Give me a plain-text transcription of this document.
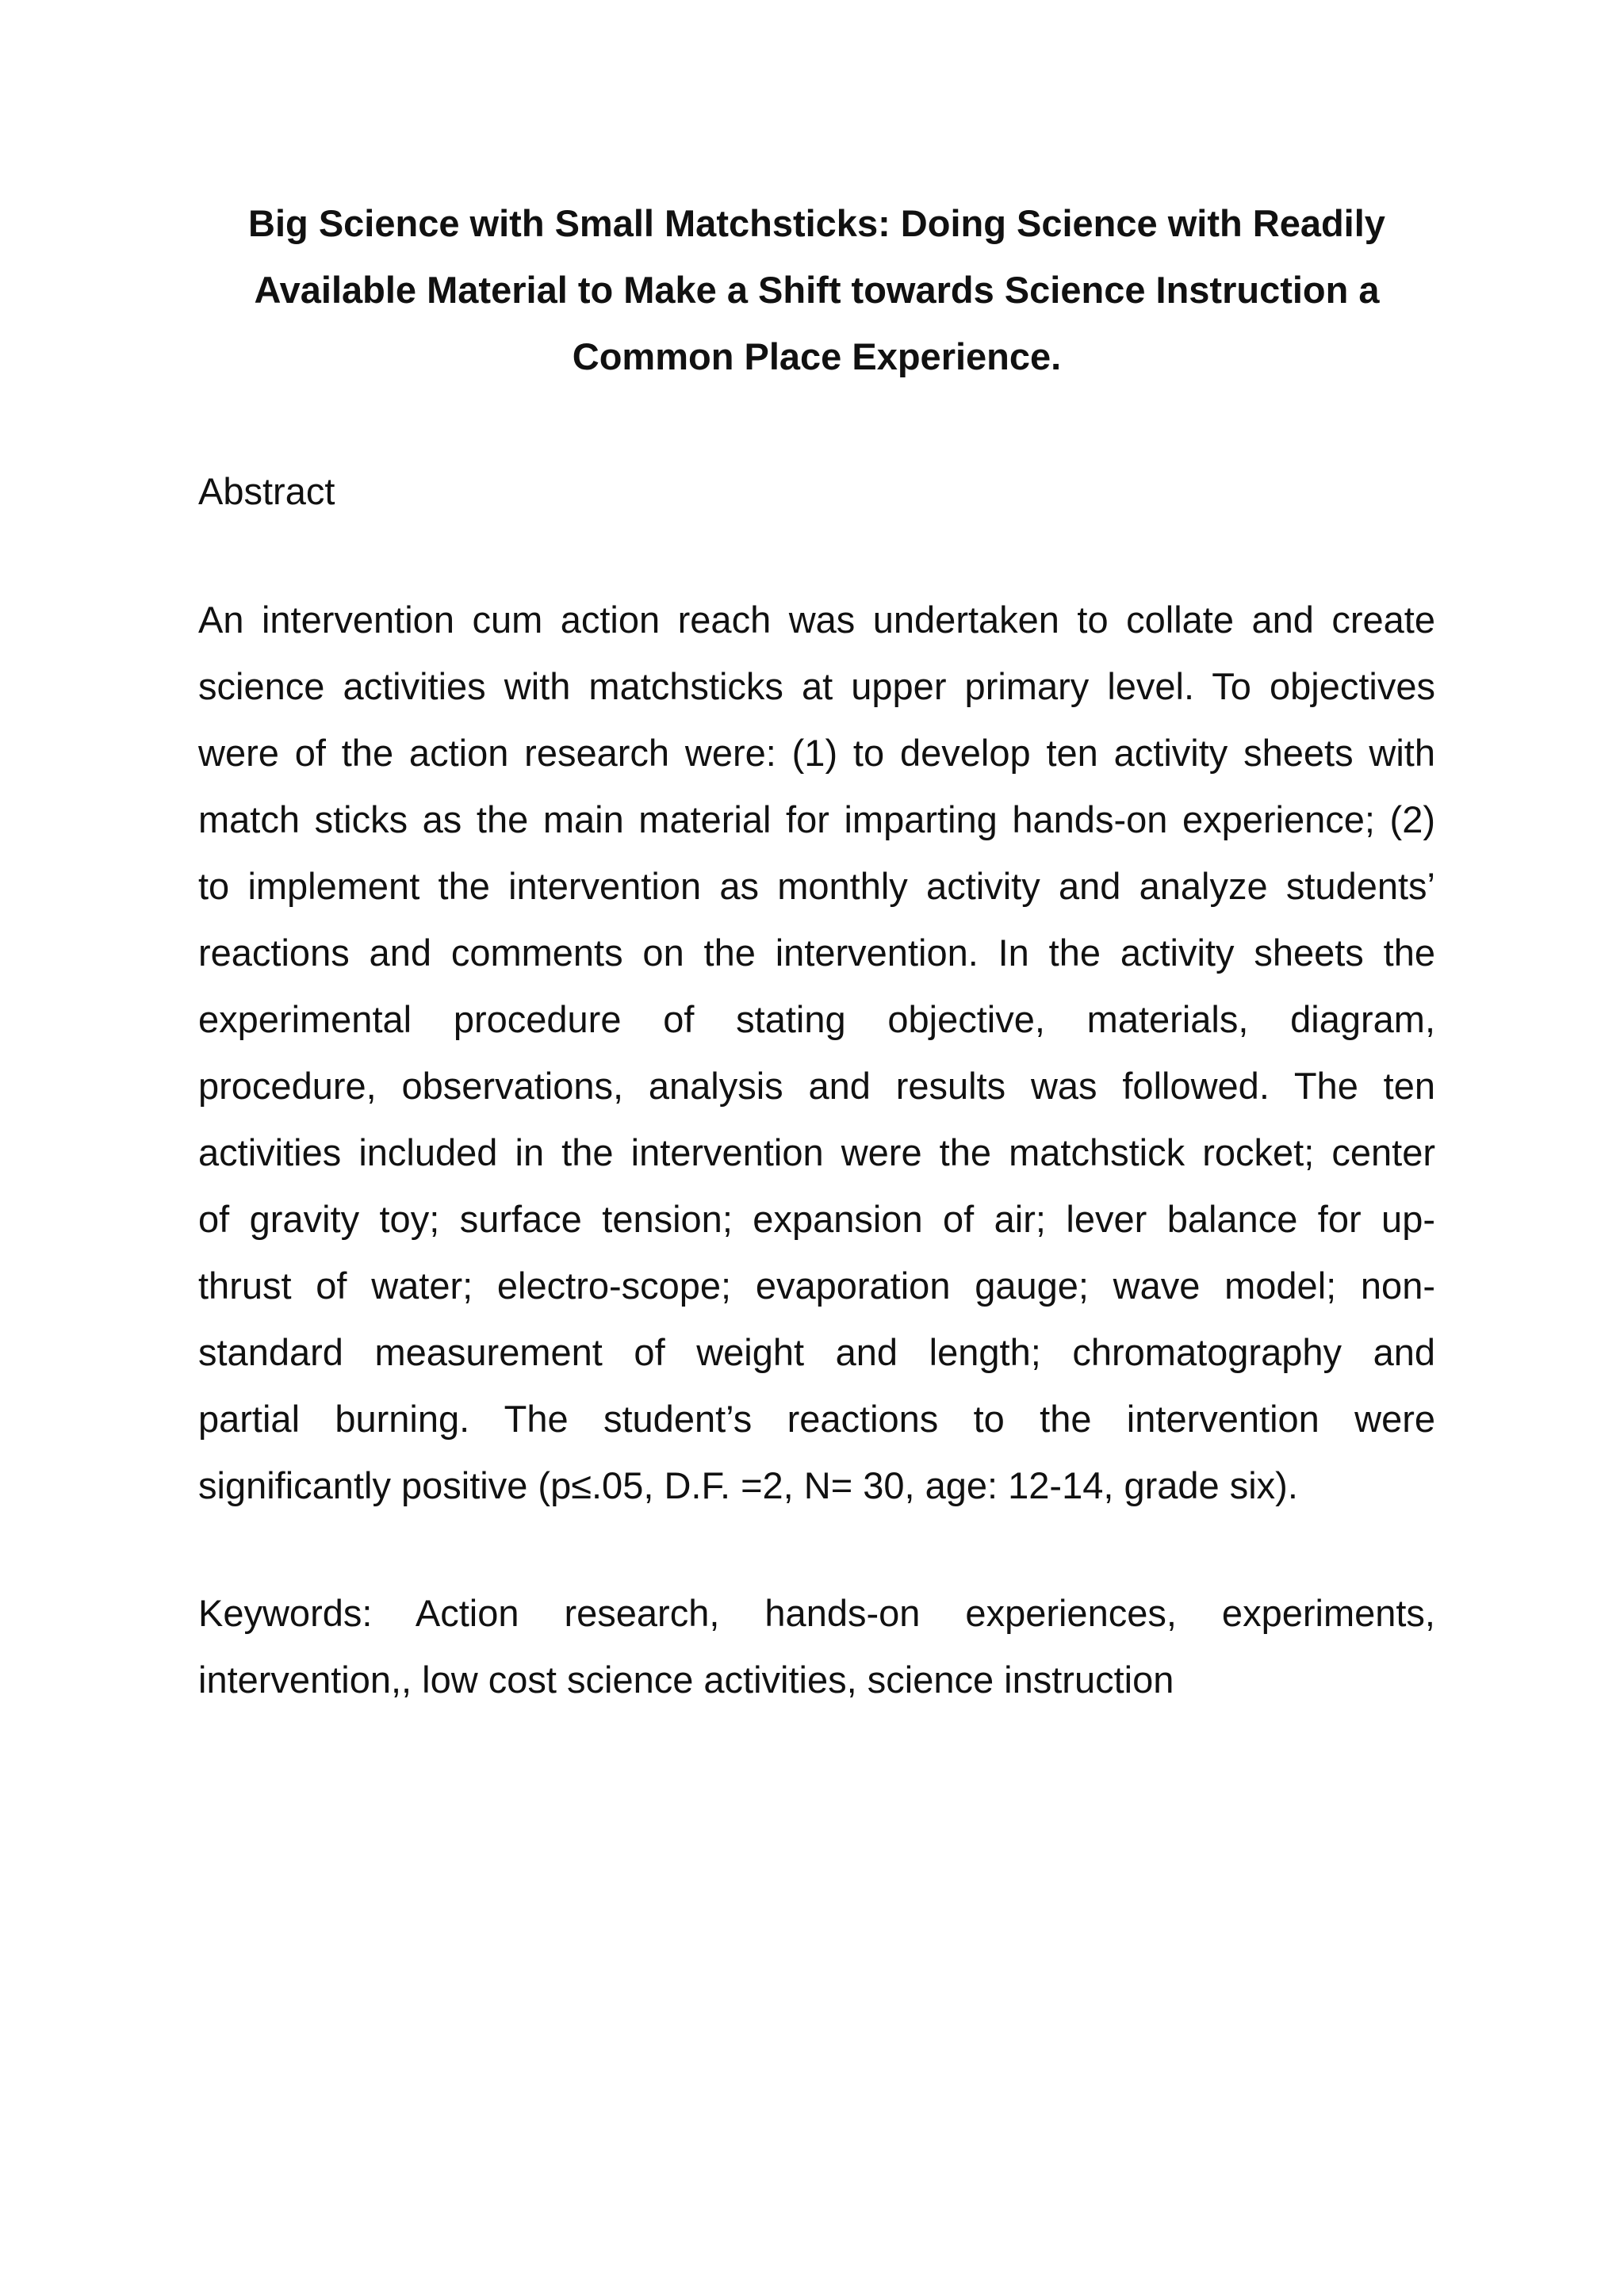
Big Science with Small Matchsticks: Doing Science with Readily
Available Material to Make a Shift towards Science Instruction a
Common Place Experience.
Abstract
An intervention cum action reach was undertaken to collate and create
science activities with matchsticks at upper primary level. To objectives
were of the action research were: (1) to develop ten activity sheets with
match sticks as the main material for imparting hands-on experience; (2)
to implement the intervention as monthly activity and analyze students’
reactions and comments on the intervention. In the activity sheets the
experimental procedure of stating objective, materials, diagram,
procedure, observations, analysis and results was followed. The ten
activities included in the intervention were the matchstick rocket; center
of gravity toy; surface tension; expansion of air; lever balance for up-
thrust of water; electro-scope; evaporation gauge; wave model; non-
standard measurement of weight and length; chromatography and
partial burning. The student’s reactions to the intervention were
significantly positive (p≤.05, D.F. =2, N= 30, age: 12-14, grade six).
Keywords: Action research, hands-on experiences, experiments,
intervention,, low cost science activities, science instruction
